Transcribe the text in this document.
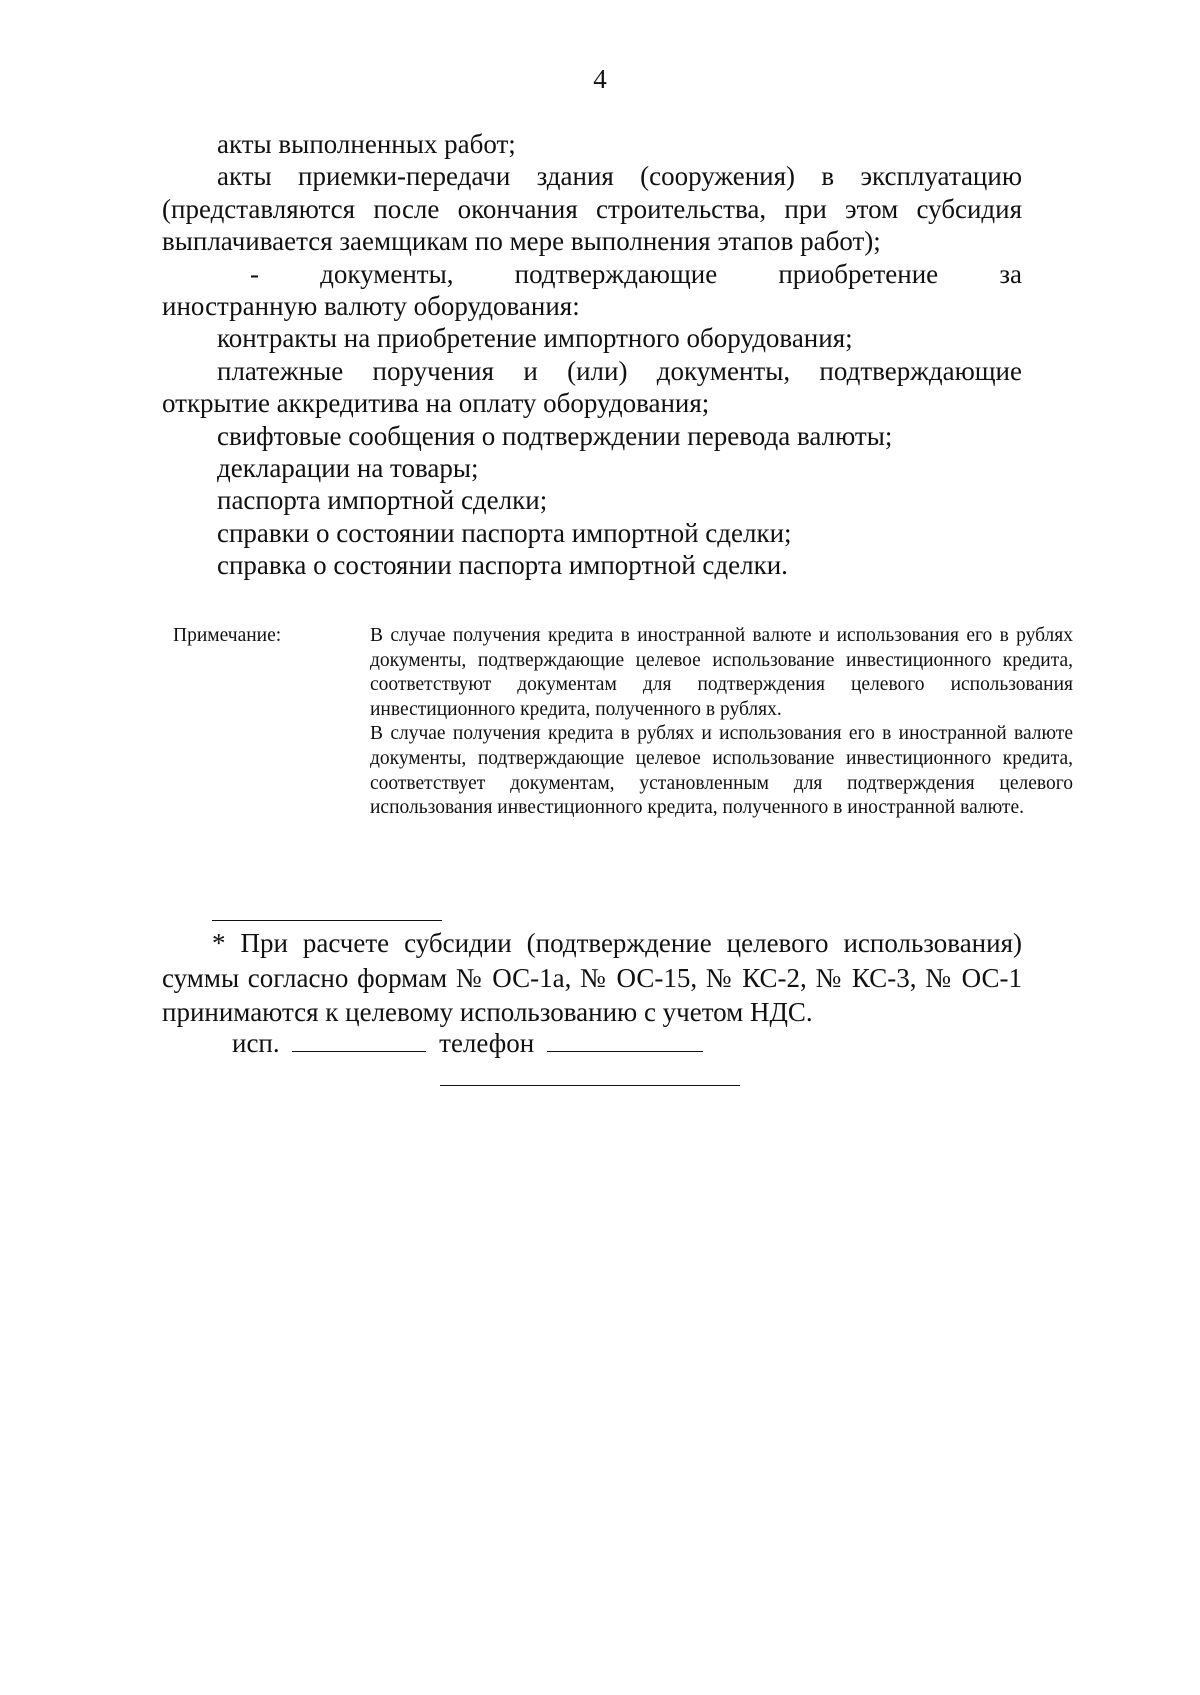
4

акты выполненных работ;

акты приемки-передачи здания (сооружения) в эксплуатацию (представляются после окончания строительства, при этом субсидия выплачивается заемщикам по мере выполнения этапов работ);

- документы, подтверждающие приобретение за

иностранную валюту оборудования:

контракты на приобретение импортного оборудования;

платежные поручения и (или) документы, подтверждающие открытие аккредитива на оплату оборудования;

свифтовые сообщения о подтверждении перевода валюты;

декларации на товары;

паспорта импортной сделки;

справки о состоянии паспорта импортной сделки;

справка о состоянии паспорта импортной сделки.

Примечание:	В случае получения кредита в иностранной валюте и использования его в рублях документы, подтверждающие целевое использование инвестиционного кредита, соответствуют документам для подтверждения целевого использования инвестиционного кредита, полученного в рублях.

В случае получения кредита в рублях и использования его в иностранной валюте документы, подтверждающие целевое использование инвестиционного кредита, соответствует документам, установленным для подтверждения целевого использования инвестиционного кредита, полученного в иностранной валюте.

* При расчете субсидии (подтверждение целевого использования) суммы согласно формам № ОС-1а, № ОС-15, № КС-2, № КС-3, № ОС-1 принимаются к целевому использованию с учетом НДС.

исп.	телефон
